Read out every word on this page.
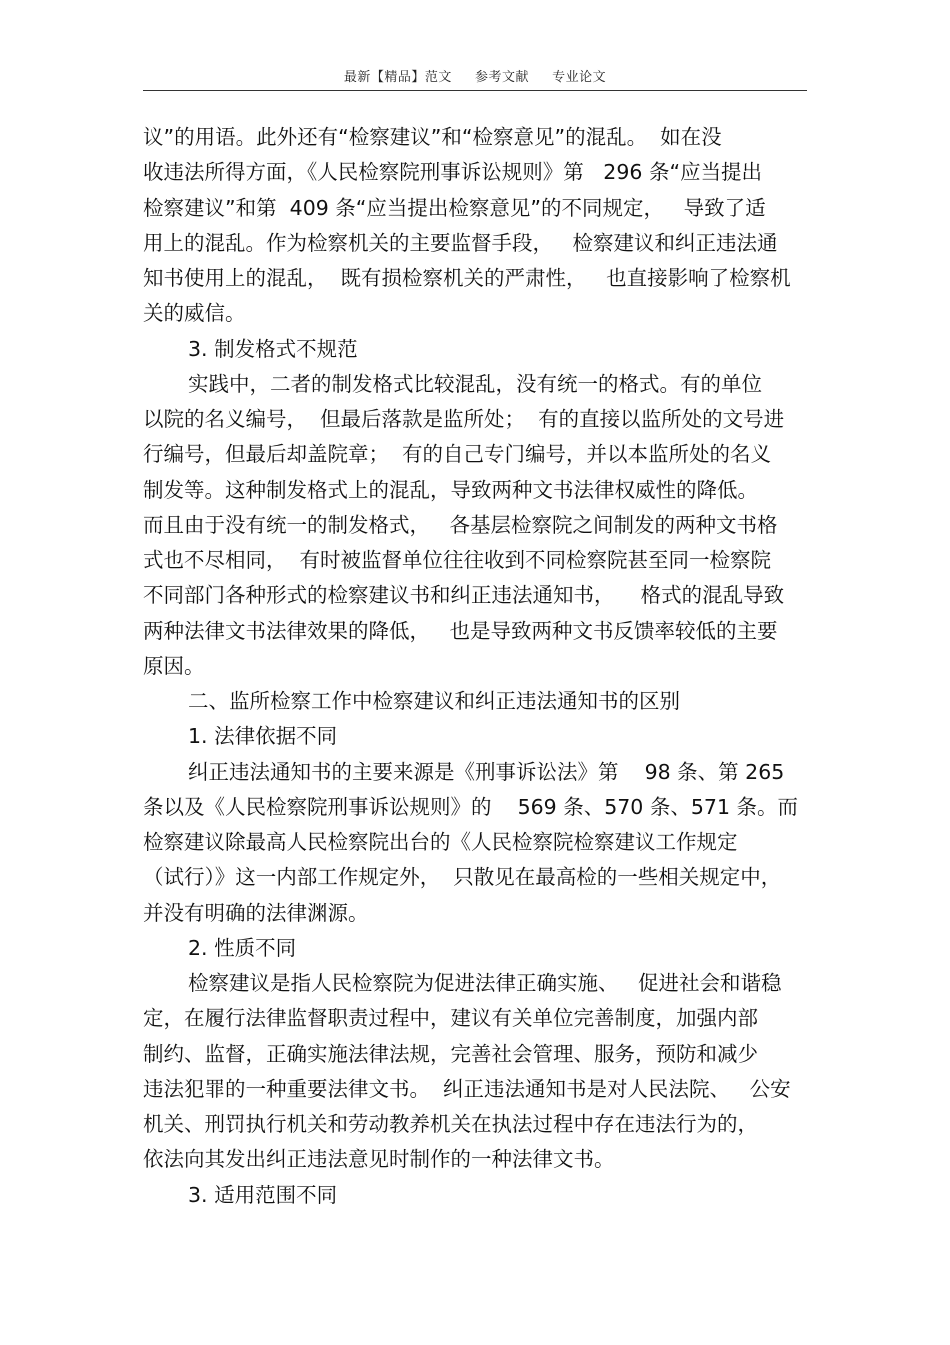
最新【精品】范文     参考文献     专业论文
议”的用语。此外还有“检察建议”和“检察意见”的混乱。  如在没
收违法所得方面，《人民检察院刑事诉讼规则》第   296 条“应当提出
检察建议”和第  409 条“应当提出检察意见”的不同规定，   导致了适
用上的混乱。作为检察机关的主要监督手段，   检察建议和纠正违法通
知书使用上的混乱，  既有损检察机关的严肃性，   也直接影响了检察机
关的威信。
3. 制发格式不规范
实践中，二者的制发格式比较混乱，没有统一的格式。有的单位
以院的名义编号，  但最后落款是监所处；  有的直接以监所处的文号进
行编号，但最后却盖院章；  有的自己专门编号，并以本监所处的名义
制发等。这种制发格式上的混乱，导致两种文书法律权威性的降低。
而且由于没有统一的制发格式，   各基层检察院之间制发的两种文书格
式也不尽相同，  有时被监督单位往往收到不同检察院甚至同一检察院
不同部门各种形式的检察建议书和纠正违法通知书，    格式的混乱导致
两种法律文书法律效果的降低，   也是导致两种文书反馈率较低的主要
原因。
二、监所检察工作中检察建议和纠正违法通知书的区别
1. 法律依据不同
纠正违法通知书的主要来源是《刑事诉讼法》第    98 条、第 265
条以及《人民检察院刑事诉讼规则》的    569 条、570 条、571 条。而
检察建议除最高人民检察院出台的《人民检察院检察建议工作规定
（试行）》这一内部工作规定外，  只散见在最高检的一些相关规定中，
并没有明确的法律渊源。
2. 性质不同
检察建议是指人民检察院为促进法律正确实施、   促进社会和谐稳
定，在履行法律监督职责过程中，建议有关单位完善制度，加强内部
制约、监督，正确实施法律法规，完善社会管理、服务，预防和减少
违法犯罪的一种重要法律文书。  纠正违法通知书是对人民法院、   公安
机关、刑罚执行机关和劳动教养机关在执法过程中存在违法行为的，
依法向其发出纠正违法意见时制作的一种法律文书。
3. 适用范围不同
